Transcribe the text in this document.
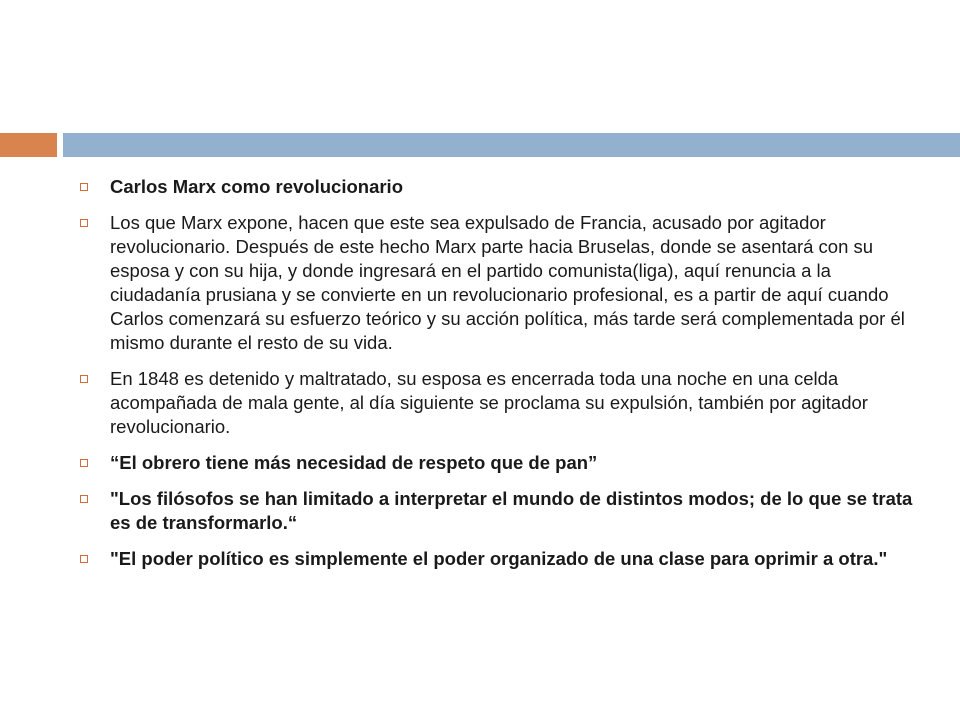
Carlos Marx como revolucionario
Los que Marx expone, hacen que este sea expulsado de Francia, acusado por agitador revolucionario. Después de este hecho Marx parte hacia Bruselas, donde se asentará con su esposa y con su hija, y donde ingresará en el partido comunista(liga), aquí renuncia a la ciudadanía prusiana y se convierte en un revolucionario profesional, es a partir de aquí cuando Carlos comenzará su esfuerzo teórico y su acción política, más tarde será complementada por él mismo durante el resto de su vida.
En 1848 es detenido y maltratado, su esposa es encerrada toda una noche en una celda acompañada de mala gente, al día siguiente se proclama su expulsión, también por agitador revolucionario.
“El obrero tiene más necesidad de respeto que de pan”
"Los filósofos se han limitado a interpretar el mundo de distintos modos; de lo que se trata es de transformarlo.“
"El poder político es simplemente el poder organizado de una clase para oprimir a otra."
